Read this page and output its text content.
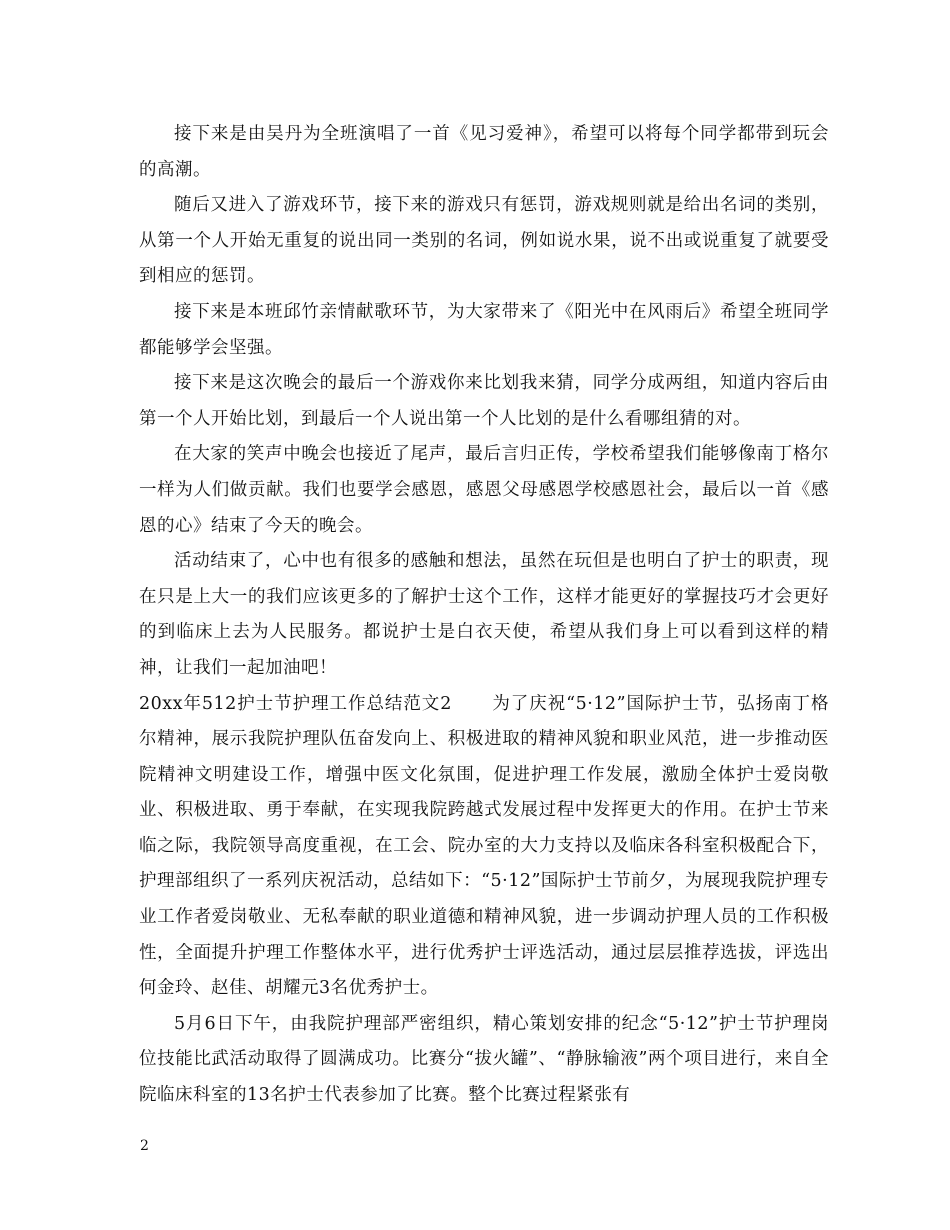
接下来是由吴丹为全班演唱了一首《见习爱神》，希望可以将每个同学都带到玩会的高潮。

随后又进入了游戏环节，接下来的游戏只有惩罚，游戏规则就是给出名词的类别，从第一个人开始无重复的说出同一类别的名词，例如说水果，说不出或说重复了就要受到相应的惩罚。

接下来是本班邱竹亲情献歌环节，为大家带来了《阳光中在风雨后》希望全班同学都能够学会坚强。

接下来是这次晚会的最后一个游戏你来比划我来猜，同学分成两组，知道内容后由第一个人开始比划，到最后一个人说出第一个人比划的是什么看哪组猜的对。

在大家的笑声中晚会也接近了尾声，最后言归正传，学校希望我们能够像南丁格尔一样为人们做贡献。我们也要学会感恩，感恩父母感恩学校感恩社会，最后以一首《感恩的心》结束了今天的晚会。

活动结束了，心中也有很多的感触和想法，虽然在玩但是也明白了护士的职责，现在只是上大一的我们应该更多的了解护士这个工作，这样才能更好的掌握技巧才会更好的到临床上去为人民服务。都说护士是白衣天使，希望从我们身上可以看到这样的精神，让我们一起加油吧！

20xx年512护士节护理工作总结范文2 为了庆祝“5·12”国际护士节，弘扬南丁格尔精神，展示我院护理队伍奋发向上、积极进取的精神风貌和职业风范，进一步推动医院精神文明建设工作，增强中医文化氛围，促进护理工作发展，激励全体护士爱岗敬业、积极进取、勇于奉献，在实现我院跨越式发展过程中发挥更大的作用。在护士节来临之际，我院领导高度重视，在工会、院办室的大力支持以及临床各科室积极配合下，护理部组织了一系列庆祝活动，总结如下：“5·12”国际护士节前夕，为展现我院护理专业工作者爱岗敬业、无私奉献的职业道德和精神风貌，进一步调动护理人员的工作积极性，全面提升护理工作整体水平，进行优秀护士评选活动，通过层层推荐选拔，评选出何金玲、赵佳、胡耀元3名优秀护士。

5月6日下午，由我院护理部严密组织，精心策划安排的纪念“5·12”护士节护理岗位技能比武活动取得了圆满成功。比赛分“拔火罐”、“静脉输液”两个项目进行，来自全院临床科室的13名护士代表参加了比赛。整个比赛过程紧张有

2
